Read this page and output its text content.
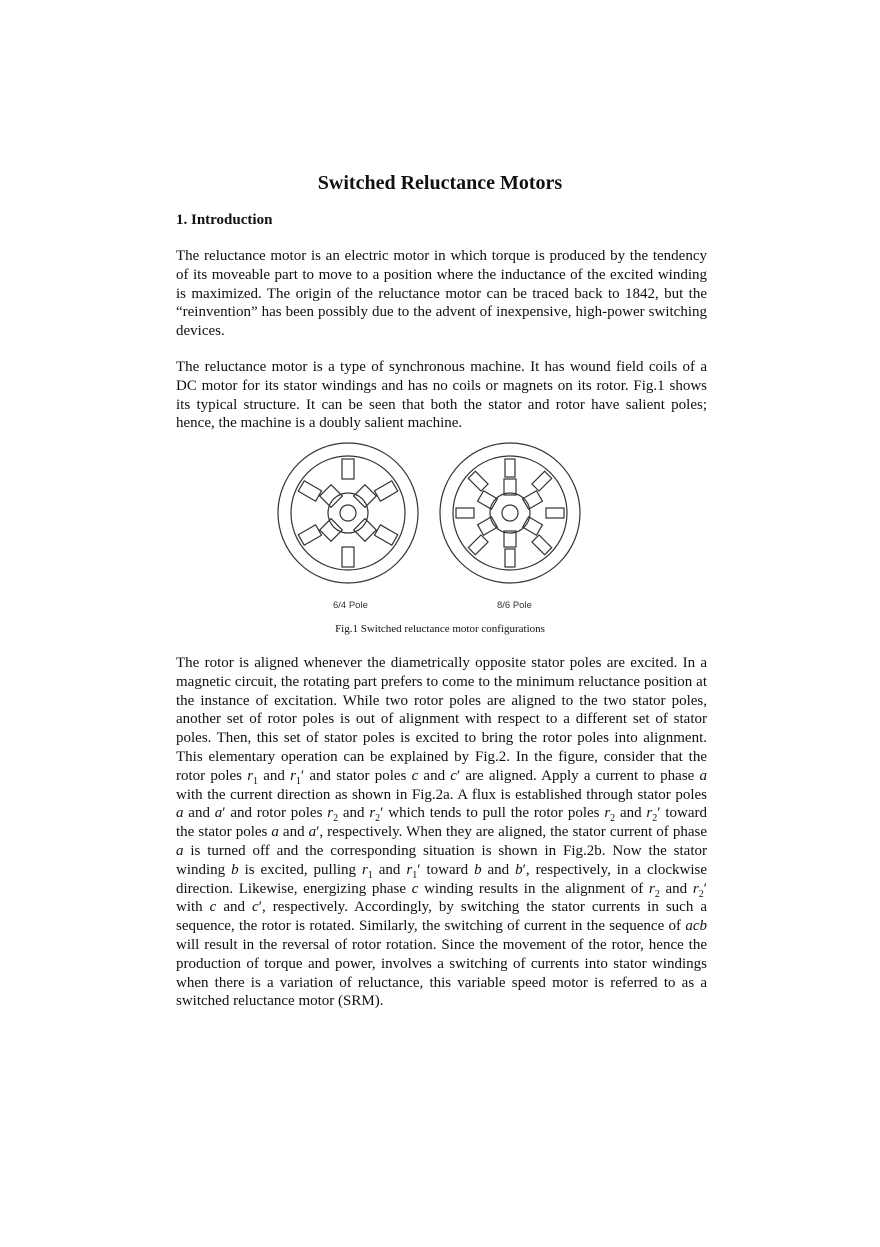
Switched Reluctance Motors
1. Introduction

The reluctance motor is an electric motor in which torque is produced by the tendency of its moveable part to move to a position where the inductance of the excited winding is maximized. The origin of the reluctance motor can be traced back to 1842, but the “reinvention” has been possibly due to the advent of inexpensive, high-power switching devices.

The reluctance motor is a type of synchronous machine. It has wound field coils of a DC motor for its stator windings and has no coils or magnets on its rotor. Fig.1 shows its typical structure. It can be seen that both the stator and rotor have salient poles; hence, the machine is a doubly salient machine.

6/4 Pole	8/6 Pole

Fig.1 Switched reluctance motor configurations

The rotor is aligned whenever the diametrically opposite stator poles are excited. In a magnetic circuit, the rotating part prefers to come to the minimum reluctance position at the instance of excitation. While two rotor poles are aligned to the two stator poles, another set of rotor poles is out of alignment with respect to a different set of stator poles. Then, this set of stator poles is excited to bring the rotor poles into alignment. This elementary operation can be explained by Fig.2. In the figure, consider that the rotor poles $r_1$ and $r_1'$ and stator poles c and c′ are aligned. Apply a current to phase a with the current direction as shown in Fig.2a. A flux is established through stator poles a and a′ and rotor poles $r_2$ and $r_2'$ which tends to pull the rotor poles $r_2$ and $r_2'$ toward the stator poles a and a′, respectively. When they are aligned, the stator current of phase a is turned off and the corresponding situation is shown in Fig.2b. Now the stator winding b is excited, pulling $r_1$ and $r_1'$ toward b and b′, respectively, in a clockwise direction. Likewise, energizing phase c winding results in the alignment of $r_2$ and $r_2'$ with c and c′, respectively. Accordingly, by switching the stator currents in such a sequence, the rotor is rotated. Similarly, the switching of current in the sequence of acb will result in the reversal of rotor rotation. Since the movement of the rotor, hence the production of torque and power, involves a switching of currents into stator windings when there is a variation of reluctance, this variable speed motor is referred to as a switched reluctance motor (SRM).
